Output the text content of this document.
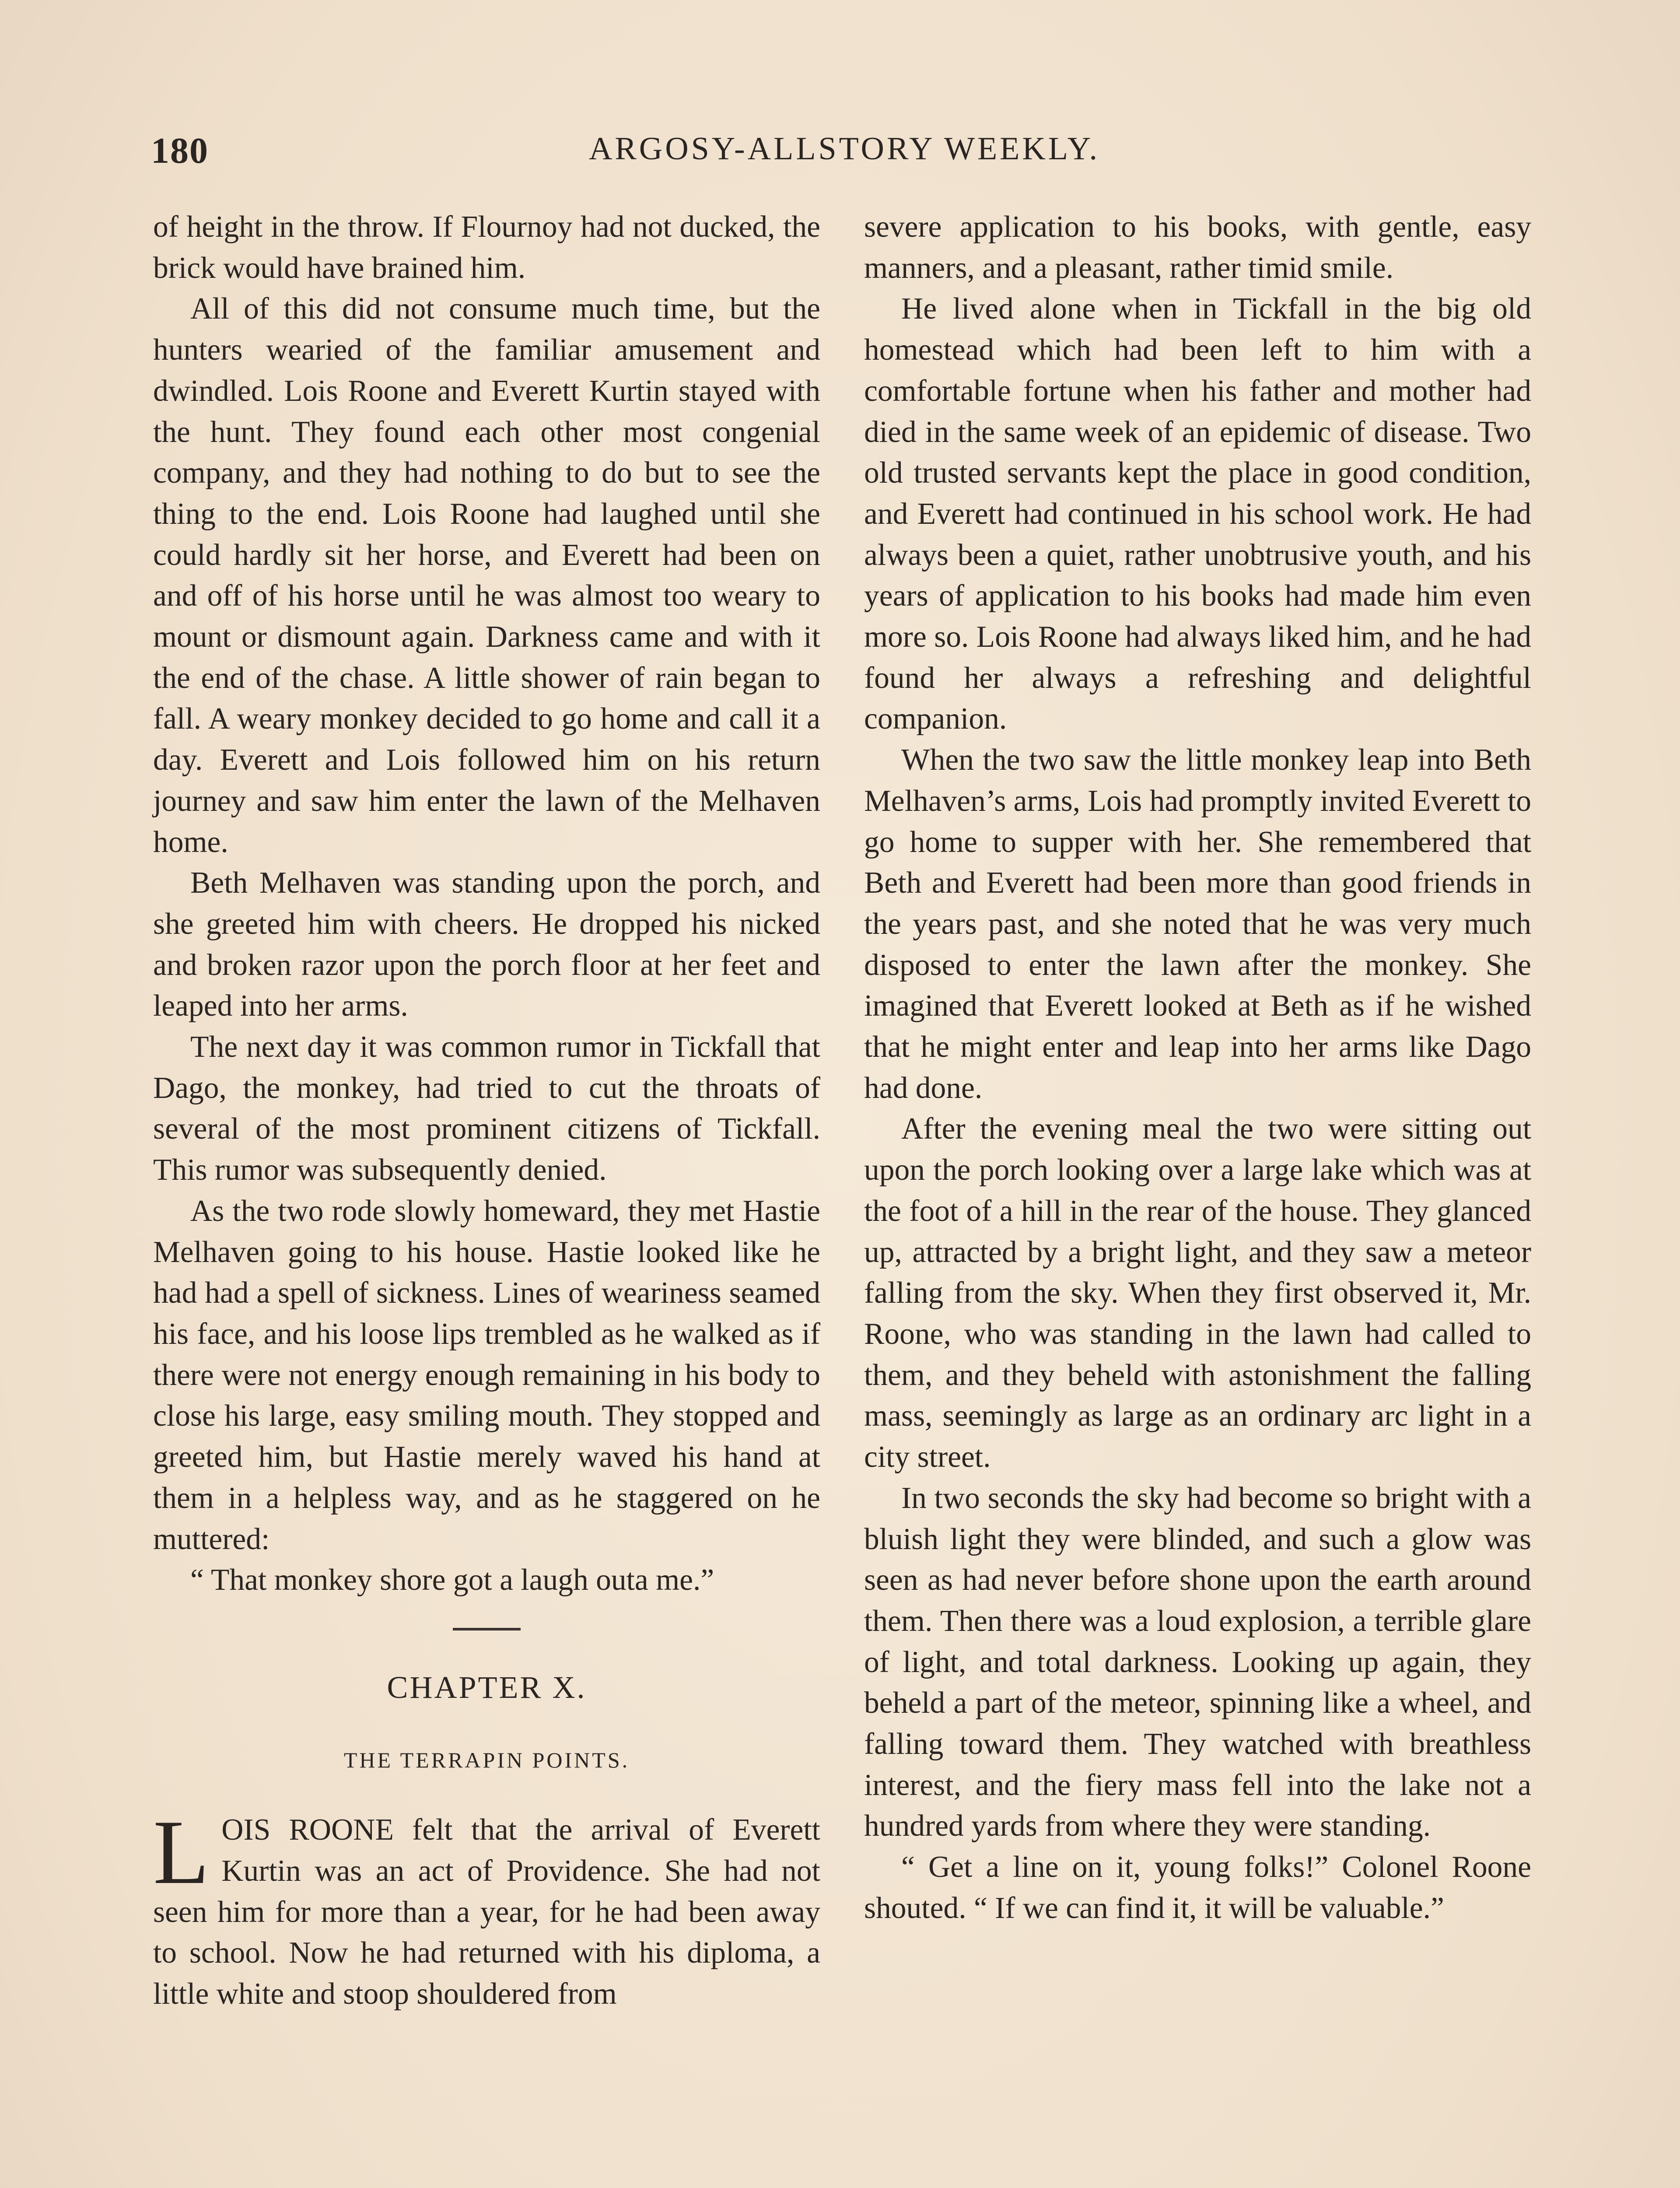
180	ARGOSY-ALLSTORY WEEKLY.

of height in the throw. If Flournoy had not ducked, the brick would have brained him.

All of this did not consume much time, but the hunters wearied of the familiar amusement and dwindled. Lois Roone and Everett Kurtin stayed with the hunt. They found each other most congenial company, and they had nothing to do but to see the thing to the end. Lois Roone had laughed until she could hardly sit her horse, and Everett had been on and off of his horse until he was almost too weary to mount or dismount again. Darkness came and with it the end of the chase. A little shower of rain began to fall. A weary monkey decided to go home and call it a day. Everett and Lois followed him on his return journey and saw him enter the lawn of the Melhaven home.

Beth Melhaven was standing upon the porch, and she greeted him with cheers. He dropped his nicked and broken razor upon the porch floor at her feet and leaped into her arms.

The next day it was common rumor in Tickfall that Dago, the monkey, had tried to cut the throats of several of the most prominent citizens of Tickfall. This rumor was subsequently denied.

As the two rode slowly homeward, they met Hastie Melhaven going to his house. Hastie looked like he had had a spell of sickness. Lines of weariness seamed his face, and his loose lips trembled as he walked as if there were not energy enough remaining in his body to close his large, easy smiling mouth. They stopped and greeted him, but Hastie merely waved his hand at them in a helpless way, and as he staggered on he muttered:

“ That monkey shore got a laugh outa me.”

CHAPTER X.
THE TERRAPIN POINTS.

LOIS ROONE felt that the arrival of Everett Kurtin was an act of Providence. She had not seen him for more than a year, for he had been away to school. Now he had returned with his diploma, a little white and stoop shouldered from

severe application to his books, with gentle, easy manners, and a pleasant, rather timid smile.

He lived alone when in Tickfall in the big old homestead which had been left to him with a comfortable fortune when his father and mother had died in the same week of an epidemic of disease. Two old trusted servants kept the place in good condition, and Everett had continued in his school work. He had always been a quiet, rather unobtrusive youth, and his years of application to his books had made him even more so. Lois Roone had always liked him, and he had found her always a refreshing and delightful companion.

When the two saw the little monkey leap into Beth Melhaven’s arms, Lois had promptly invited Everett to go home to supper with her. She remembered that Beth and Everett had been more than good friends in the years past, and she noted that he was very much disposed to enter the lawn after the monkey. She imagined that Everett looked at Beth as if he wished that he might enter and leap into her arms like Dago had done.

After the evening meal the two were sitting out upon the porch looking over a large lake which was at the foot of a hill in the rear of the house. They glanced up, attracted by a bright light, and they saw a meteor falling from the sky. When they first observed it, Mr. Roone, who was standing in the lawn had called to them, and they beheld with astonishment the falling mass, seemingly as large as an ordinary arc light in a city street.

In two seconds the sky had become so bright with a bluish light they were blinded, and such a glow was seen as had never before shone upon the earth around them. Then there was a loud explosion, a terrible glare of light, and total darkness. Looking up again, they beheld a part of the meteor, spinning like a wheel, and falling toward them. They watched with breathless interest, and the fiery mass fell into the lake not a hundred yards from where they were standing.

“ Get a line on it, young folks!” Colonel Roone shouted. “ If we can find it, it will be valuable.”
